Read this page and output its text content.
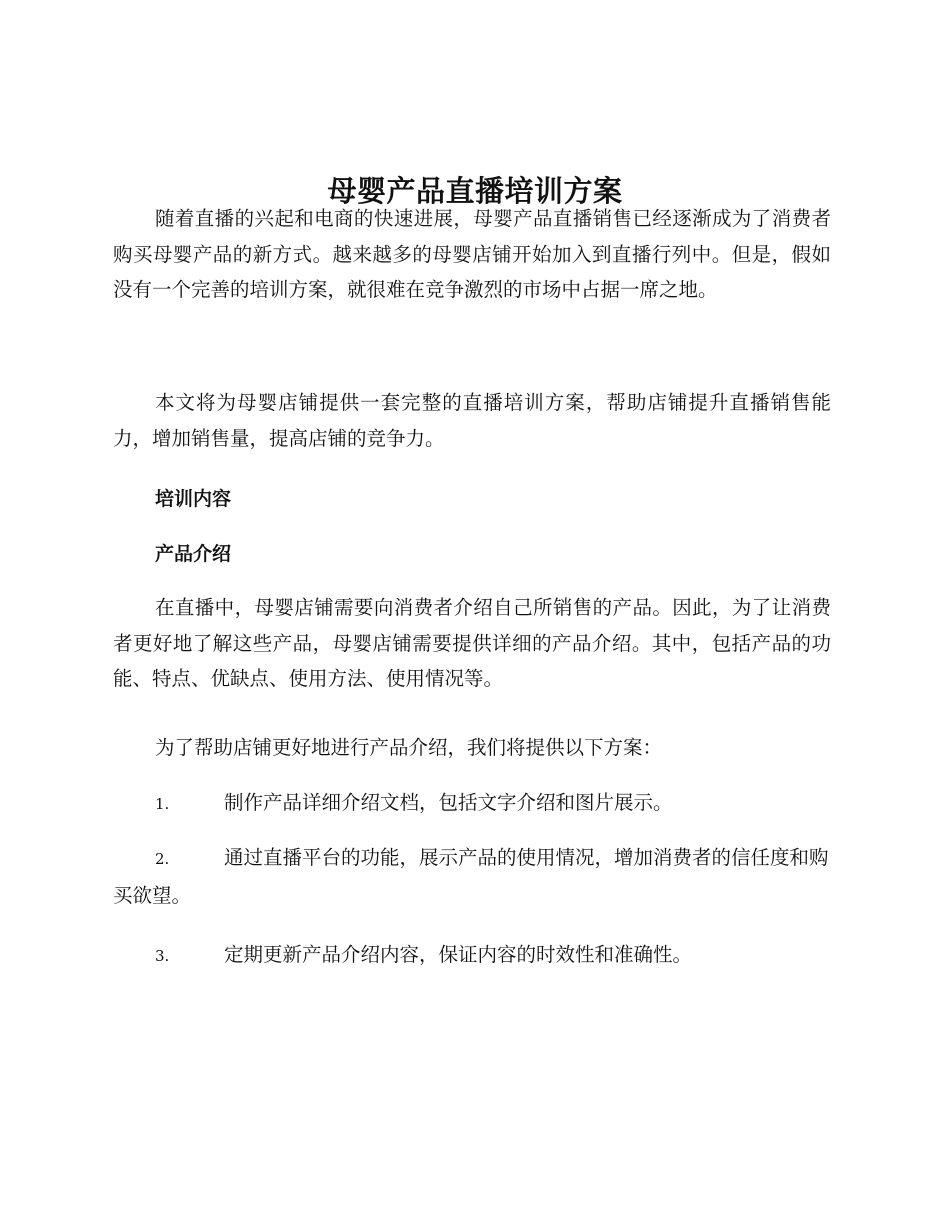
母婴产品直播培训方案

随着直播的兴起和电商的快速进展，母婴产品直播销售已经逐渐成为了消费者购买母婴产品的新方式。越来越多的母婴店铺开始加入到直播行列中。但是，假如没有一个完善的培训方案，就很难在竞争激烈的市场中占据一席之地。

本文将为母婴店铺提供一套完整的直播培训方案，帮助店铺提升直播销售能力，增加销售量，提高店铺的竞争力。

培训内容
产品介绍

在直播中，母婴店铺需要向消费者介绍自己所销售的产品。因此，为了让消费者更好地了解这些产品，母婴店铺需要提供详细的产品介绍。其中，包括产品的功能、特点、优缺点、使用方法、使用情况等。

为了帮助店铺更好地进行产品介绍，我们将提供以下方案：

1.	制作产品详细介绍文档，包括文字介绍和图片展示。

2.	通过直播平台的功能，展示产品的使用情况，增加消费者的信任度和购买欲望。

3.	定期更新产品介绍内容，保证内容的时效性和准确性。
